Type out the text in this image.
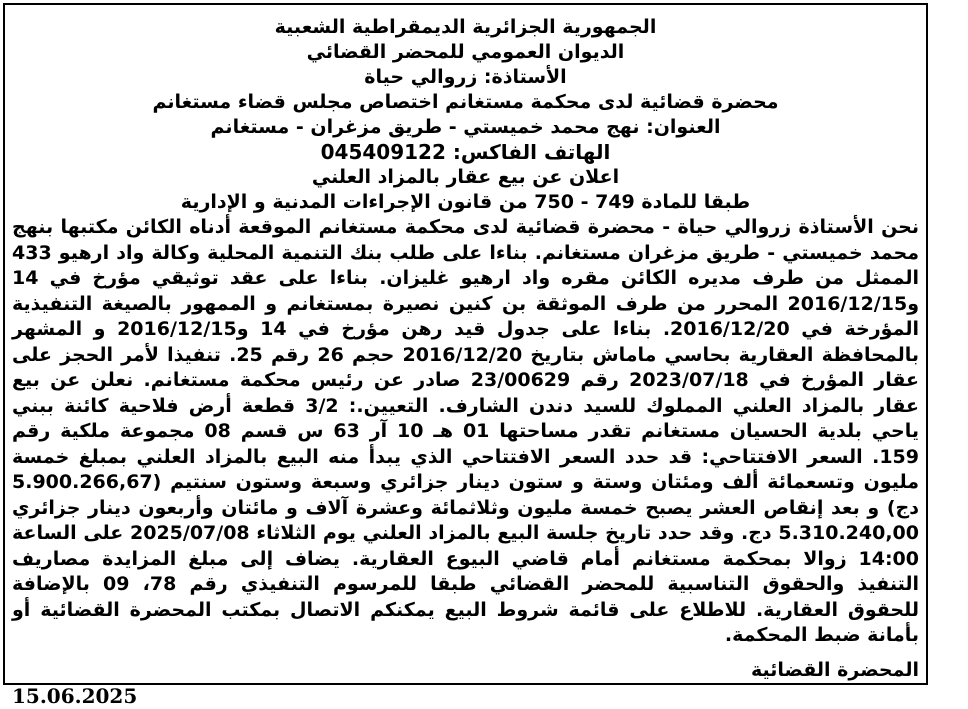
الجمهورية الجزائرية الديمقراطية الشعبية

الديوان العمومي للمحضر القضائي

الأستاذة: زروالي حياة

محضرة قضائية لدى محكمة مستغانم اختصاص مجلس قضاء مستغانم

العنوان: نهج محمد خميستي - طريق مزغران - مستغانم

الهاتف الفاكس: 045409122

اعلان عن بيع عقار بالمزاد العلني

طبقا للمادة 749 - 750 من قانون الإجراءات المدنية و الإدارية

نحن الأستاذة زروالي حياة - محضرة قضائية لدى محكمة مستغانم الموقعة أدناه الكائن مكتبها بنهج محمد خميستي - طريق مزغران مستغانم. بناءا على طلب بنك التنمية المحلية وكالة واد ارهيو 433 الممثل من طرف مديره الكائن مقره واد ارهيو غليزان. بناءا على عقد توثيقي مؤرخ في 14 و2016/12/15 المحرر من طرف الموثقة بن كنين نصيرة بمستغانم و الممهور بالصيغة التنفيذية المؤرخة في 2016/12/20. بناءا على جدول قيد رهن مؤرخ في 14 و2016/12/15 و المشهر بالمحافظة العقارية بحاسي ماماش بتاريخ 2016/12/20 حجم 26 رقم 25. تنفيذا لأمر الحجز على عقار المؤرخ في 2023/07/18 رقم 23/00629 صادر عن رئيس محكمة مستغانم. نعلن عن بيع عقار بالمزاد العلني المملوك للسيد دندن الشارف. التعيين.: 3/2 قطعة أرض فلاحية كائنة ببني ياحي بلدية الحسيان مستغانم تقدر مساحتها 01 هـ 10 آر 63 س قسم 08 مجموعة ملكية رقم 159. السعر الافتتاحي: قد حدد السعر الافتتاحي الذي يبدأ منه البيع بالمزاد العلني بمبلغ خمسة مليون وتسعمائة ألف ومئتان وستة و ستون دينار جزائري وسبعة وستون سنتيم (5.900.266,67 دج) و بعد إنقاص العشر يصبح خمسة مليون وثلاثمائة وعشرة آلاف و مائتان وأربعون دينار جزائري 5.310.240,00 دج. وقد حدد تاريخ جلسة البيع بالمزاد العلني يوم الثلاثاء 2025/07/08 على الساعة 14:00 زوالا بمحكمة مستغانم أمام قاضي البيوع العقارية. يضاف إلى مبلغ المزايدة مصاريف التنفيذ والحقوق التناسبية للمحضر القضائي طبقا للمرسوم التنفيذي رقم 78، 09 بالإضافة للحقوق العقارية. للاطلاع على قائمة شروط البيع يمكنكم الاتصال بمكتب المحضرة القضائية أو بأمانة ضبط المحكمة.

المحضرة القضائية

15.06.2025
